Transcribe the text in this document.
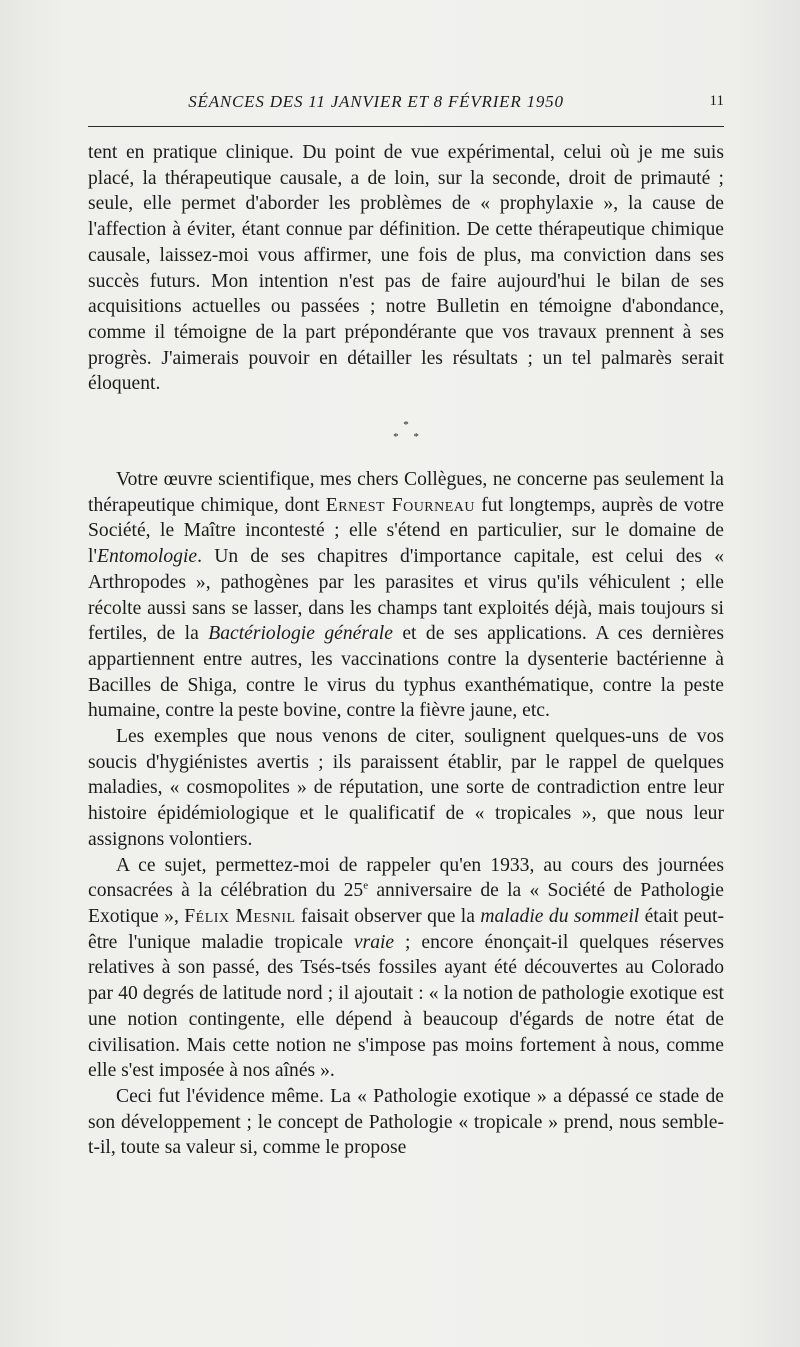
SÉANCES DES 11 JANVIER ET 8 FÉVRIER 1950	11

tent en pratique clinique. Du point de vue expérimental, celui où je me suis placé, la thérapeutique causale, a de loin, sur la seconde, droit de primauté ; seule, elle permet d'aborder les problèmes de « prophylaxie », la cause de l'affection à éviter, étant connue par définition. De cette thérapeutique chimique causale, laissez-moi vous affirmer, une fois de plus, ma conviction dans ses succès futurs. Mon intention n'est pas de faire aujourd'hui le bilan de ses acquisitions actuelles ou passées ; notre Bulletin en témoigne d'abondance, comme il témoigne de la part prépondérante que vos travaux prennent à ses progrès. J'aimerais pouvoir en détailler les résultats ; un tel palmarès serait éloquent.

*
* *

Votre œuvre scientifique, mes chers Collègues, ne concerne pas seulement la thérapeutique chimique, dont Ernest Fourneau fut longtemps, auprès de votre Société, le Maître incontesté ; elle s'étend en particulier, sur le domaine de l'Entomologie. Un de ses chapitres d'importance capitale, est celui des « Arthropodes », pathogènes par les parasites et virus qu'ils véhiculent ; elle récolte aussi sans se lasser, dans les champs tant exploités déjà, mais toujours si fertiles, de la Bactériologie générale et de ses applications. A ces dernières appartiennent entre autres, les vaccinations contre la dysenterie bactérienne à Bacilles de Shiga, contre le virus du typhus exanthématique, contre la peste humaine, contre la peste bovine, contre la fièvre jaune, etc.

Les exemples que nous venons de citer, soulignent quelques-uns de vos soucis d'hygiénistes avertis ; ils paraissent établir, par le rappel de quelques maladies, « cosmopolites » de réputation, une sorte de contradiction entre leur histoire épidémiologique et le qualificatif de « tropicales », que nous leur assignons volontiers.

A ce sujet, permettez-moi de rappeler qu'en 1933, au cours des journées consacrées à la célébration du 25e anniversaire de la « Société de Pathologie Exotique », Félix Mesnil faisait observer que la maladie du sommeil était peut-être l'unique maladie tropicale vraie ; encore énonçait-il quelques réserves relatives à son passé, des Tsés-tsés fossiles ayant été découvertes au Colorado par 40 degrés de latitude nord ; il ajoutait : « la notion de pathologie exotique est une notion contingente, elle dépend à beaucoup d'égards de notre état de civilisation. Mais cette notion ne s'impose pas moins fortement à nous, comme elle s'est imposée à nos aînés ».

Ceci fut l'évidence même. La « Pathologie exotique » a dépassé ce stade de son développement ; le concept de Pathologie « tropicale » prend, nous semble-t-il, toute sa valeur si, comme le propose
